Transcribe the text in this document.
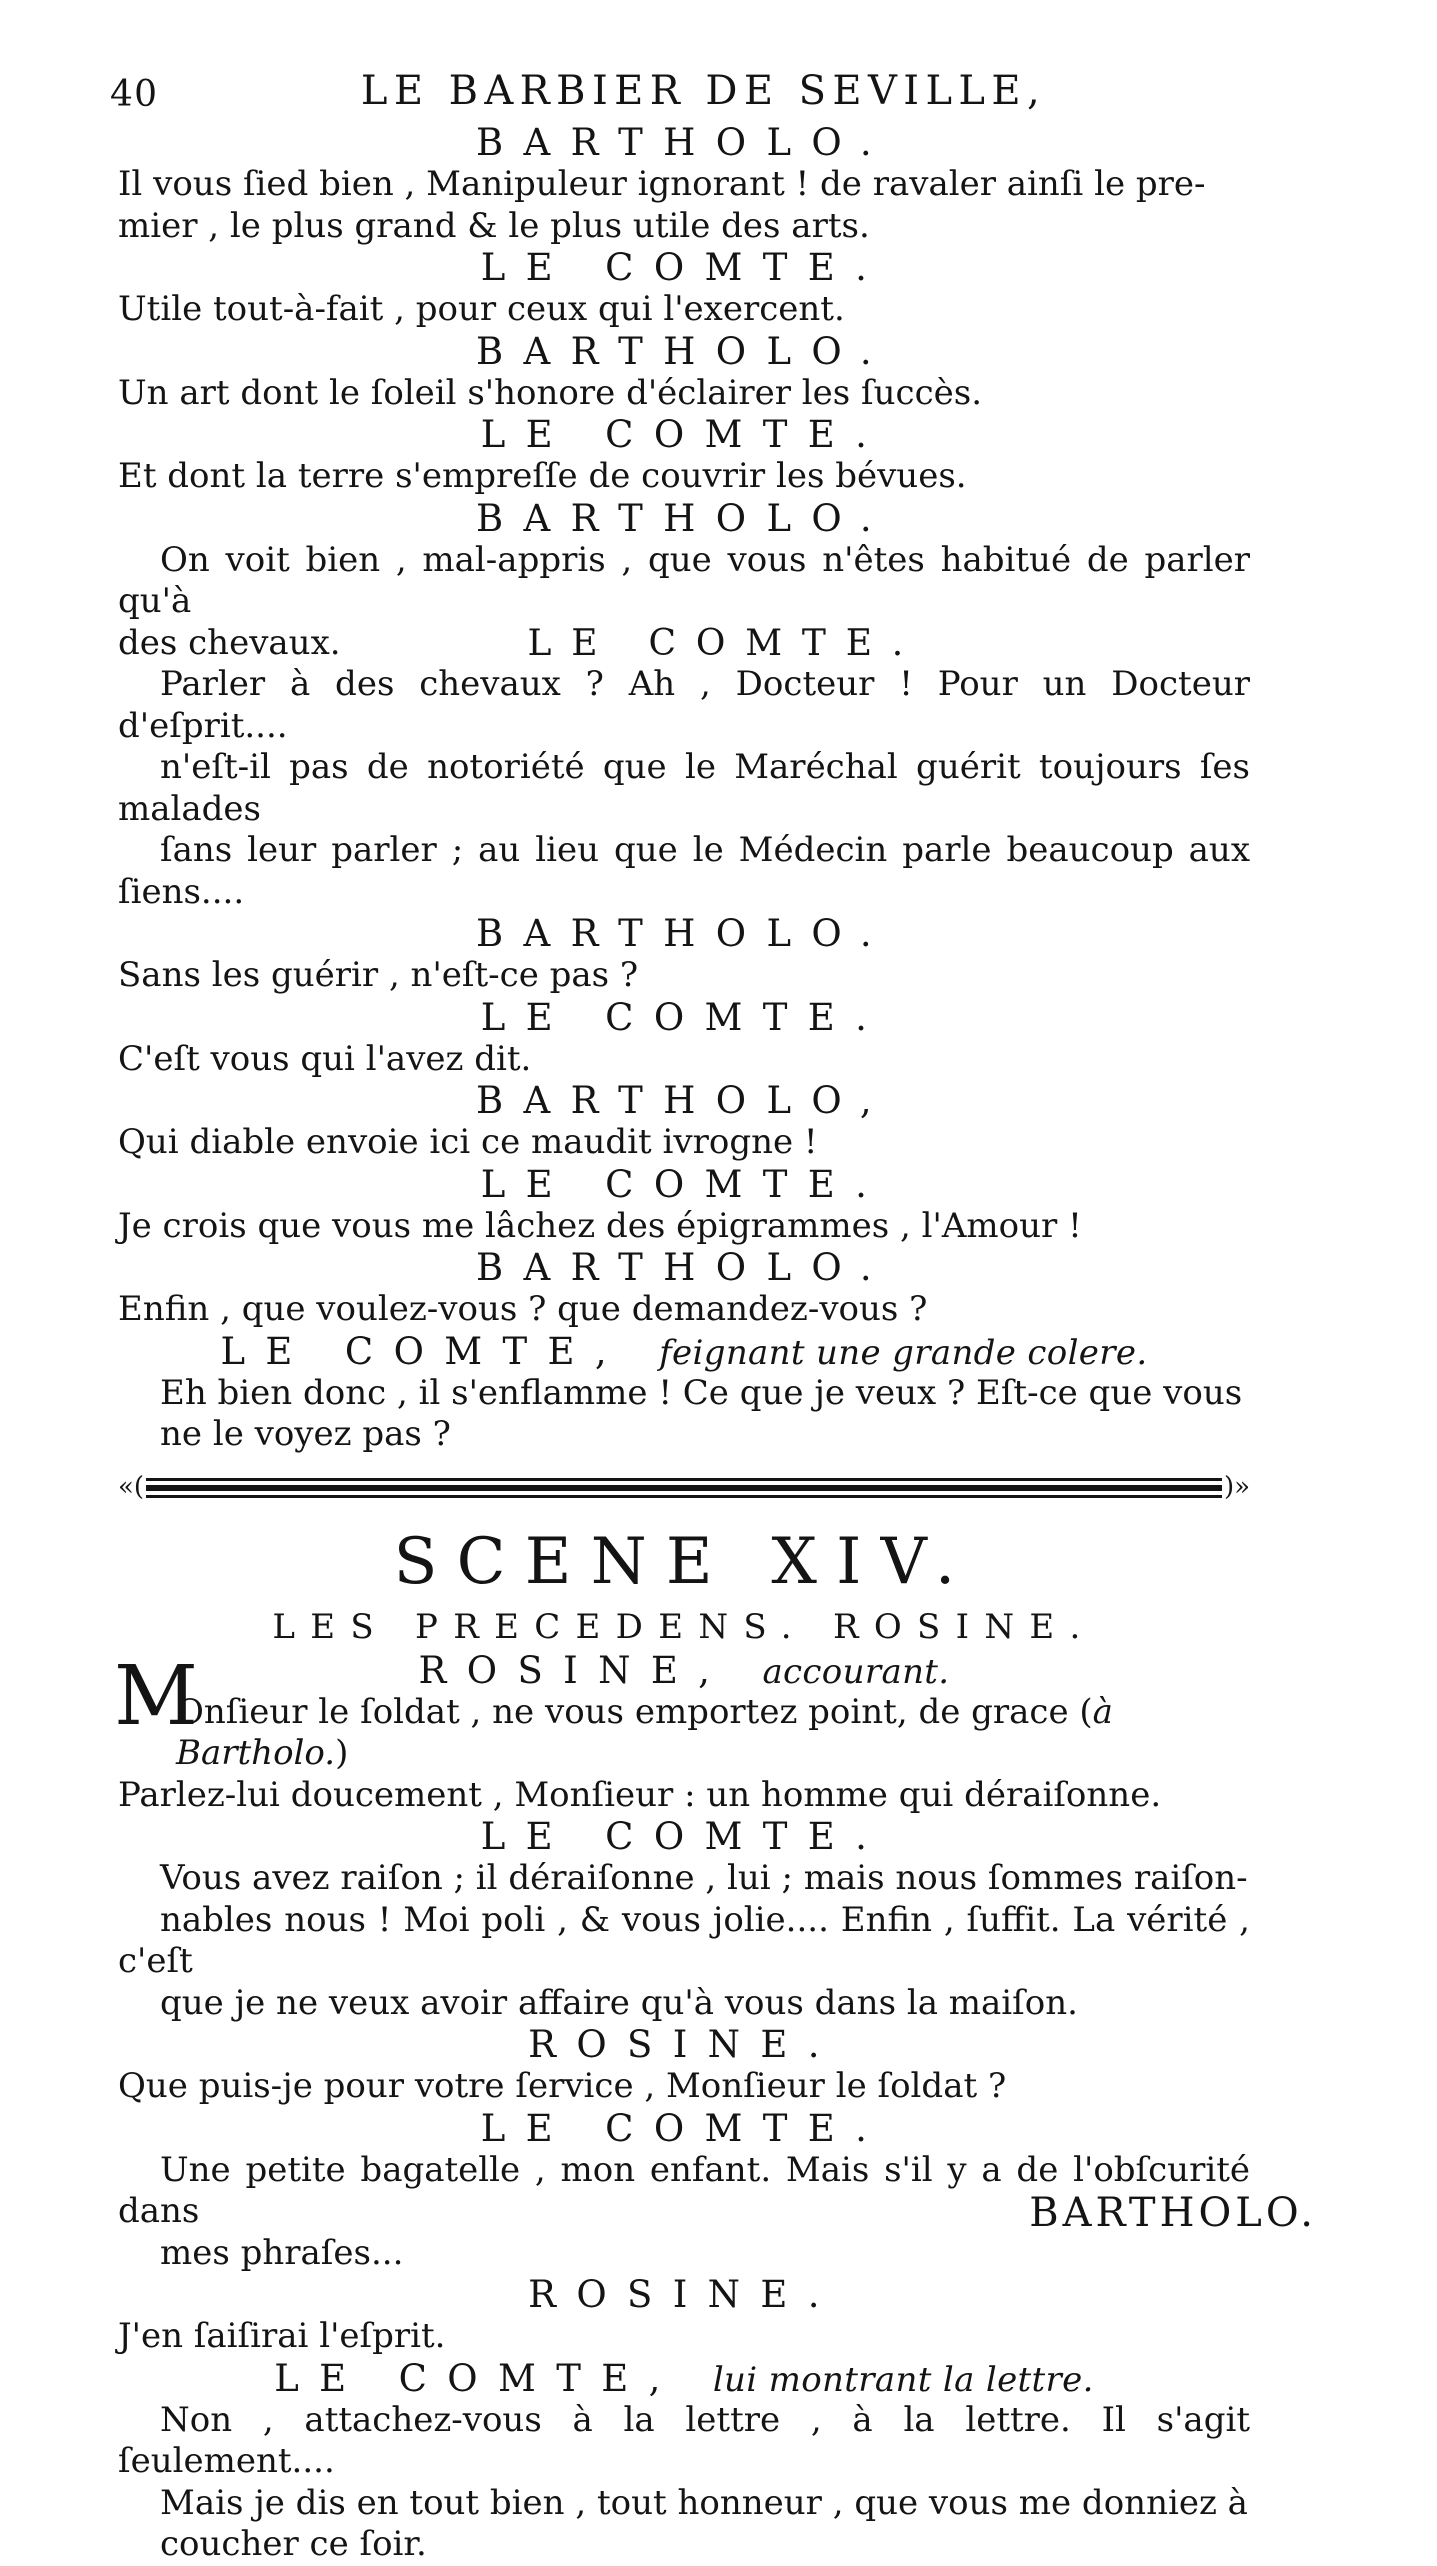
40	LE BARBIER DE SEVILLE,
BARTHOLO.
Il vous ſied bien , Manipuleur ignorant ! de ravaler ainſi le pre-
mier , le plus grand & le plus utile des arts.
LE COMTE.
Utile tout-à-fait , pour ceux qui l'exercent.
BARTHOLO.
Un art dont le ſoleil s'honore d'éclairer les ſuccès.
LE COMTE.
Et dont la terre s'empreſſe de couvrir les bévues.
BARTHOLO.
On voit bien , mal-appris , que vous n'êtes habitué de parler qu'à
des chevaux.	LE COMTE.
Parler à des chevaux ? Ah , Docteur ! Pour un Docteur d'eſprit....
n'eſt-il pas de notoriété que le Maréchal guérit toujours ſes malades
ſans leur parler ; au lieu que le Médecin parle beaucoup aux ſiens....
BARTHOLO.
Sans les guérir , n'eſt-ce pas ?
LE COMTE.
C'eſt vous qui l'avez dit.
BARTHOLO,
Qui diable envoie ici ce maudit ivrogne !
LE COMTE.
Je crois que vous me lâchez des épigrammes , l'Amour !
BARTHOLO.
Enfin , que voulez-vous ? que demandez-vous ?
LE COMTE, feignant une grande colere.
Eh bien donc , il s'enflamme ! Ce que je veux ? Eſt-ce que vous
ne le voyez pas ?
«(	)»
SCENE XIV.
LES PRECEDENS. ROSINE.
ROSINE, accourant.
M
Onſieur le ſoldat , ne vous emportez point, de grace (à Bartholo.)
Parlez-lui doucement , Monſieur : un homme qui déraiſonne.
LE COMTE.
Vous avez raiſon ; il déraiſonne , lui ; mais nous ſommes raiſon-
nables nous ! Moi poli , & vous jolie.... Enfin , ſuffit. La vérité , c'eſt
que je ne veux avoir affaire qu'à vous dans la maiſon.
ROSINE.
Que puis-je pour votre ſervice , Monſieur le ſoldat ?
LE COMTE.
Une petite bagatelle , mon enfant. Mais s'il y a de l'obſcurité dans
mes phraſes...
ROSINE.
J'en ſaiſirai l'eſprit.
LE COMTE, lui montrant la lettre.
Non , attachez-vous à la lettre , à la lettre. Il s'agit ſeulement....
Mais je dis en tout bien , tout honneur , que vous me donniez à
coucher ce ſoir.
BARTHOLO.
